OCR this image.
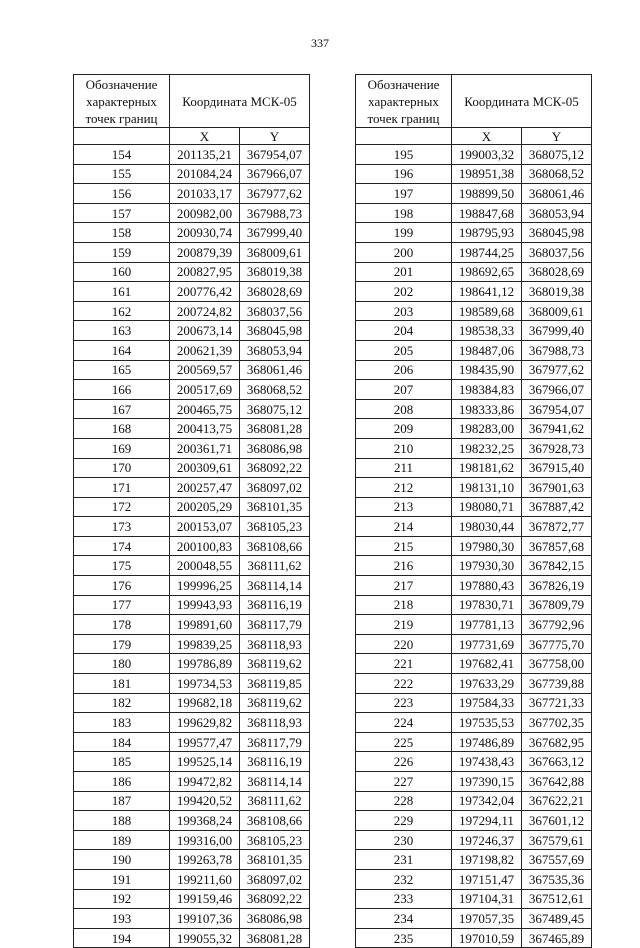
337
Обозначение характерных точек границ	Координата МСК-05	

	X	Y
154	201135,21	367954,07
155	201084,24	367966,07
156	201033,17	367977,62
157	200982,00	367988,73
158	200930,74	367999,40
159	200879,39	368009,61
160	200827,95	368019,38
161	200776,42	368028,69
162	200724,82	368037,56
163	200673,14	368045,98
164	200621,39	368053,94
165	200569,57	368061,46
166	200517,69	368068,52
167	200465,75	368075,12
168	200413,75	368081,28
169	200361,71	368086,98
170	200309,61	368092,22
171	200257,47	368097,02
172	200205,29	368101,35
173	200153,07	368105,23
174	200100,83	368108,66
175	200048,55	368111,62
176	199996,25	368114,14
177	199943,93	368116,19
178	199891,60	368117,79
179	199839,25	368118,93
180	199786,89	368119,62
181	199734,53	368119,85
182	199682,18	368119,62
183	199629,82	368118,93
184	199577,47	368117,79
185	199525,14	368116,19
186	199472,82	368114,14
187	199420,52	368111,62
188	199368,24	368108,66
189	199316,00	368105,23
190	199263,78	368101,35
191	199211,60	368097,02
192	199159,46	368092,22
193	199107,36	368086,98
194	199055,32	368081,28
Обозначение характерных точек границ	Координата МСК-05	

	X	Y
195	199003,32	368075,12
196	198951,38	368068,52
197	198899,50	368061,46
198	198847,68	368053,94
199	198795,93	368045,98
200	198744,25	368037,56
201	198692,65	368028,69
202	198641,12	368019,38
203	198589,68	368009,61
204	198538,33	367999,40
205	198487,06	367988,73
206	198435,90	367977,62
207	198384,83	367966,07
208	198333,86	367954,07
209	198283,00	367941,62
210	198232,25	367928,73
211	198181,62	367915,40
212	198131,10	367901,63
213	198080,71	367887,42
214	198030,44	367872,77
215	197980,30	367857,68
216	197930,30	367842,15
217	197880,43	367826,19
218	197830,71	367809,79
219	197781,13	367792,96
220	197731,69	367775,70
221	197682,41	367758,00
222	197633,29	367739,88
223	197584,33	367721,33
224	197535,53	367702,35
225	197486,89	367682,95
226	197438,43	367663,12
227	197390,15	367642,88
228	197342,04	367622,21
229	197294,11	367601,12
230	197246,37	367579,61
231	197198,82	367557,69
232	197151,47	367535,36
233	197104,31	367512,61
234	197057,35	367489,45
235	197010,59	367465,89
